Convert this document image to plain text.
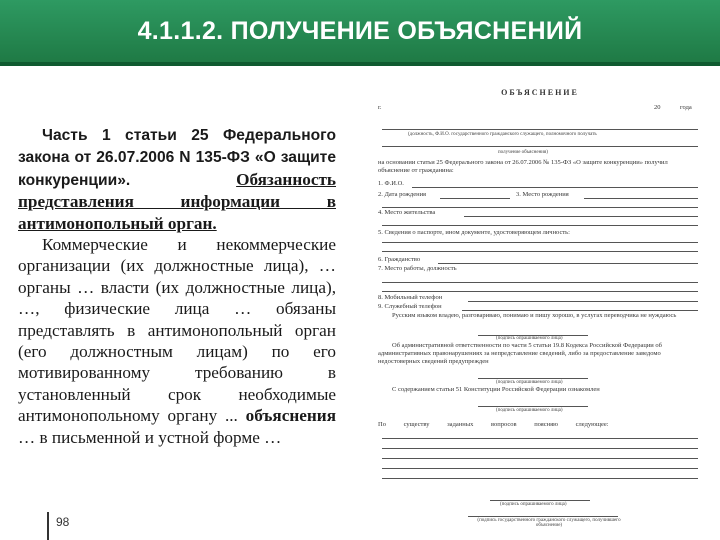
4.1.1.2. ПОЛУЧЕНИЕ ОБЪЯСНЕНИЙ
Часть 1 статьи 25 Федерального закона от 26.07.2006 N 135-ФЗ «О защите конкуренции».	Обязанность представления информации в антимонопольный орган.
Коммерческие и некоммерческие организации (их должностные лица), … органы … власти (их должностные лица), …, физические лица … обязаны представлять в антимонопольный орган (его должностным лицам) по его мотивированному требованию в установленный срок необходимые антимонопольному органу ... объяснения … в письменной и устной форме …
98
ОБЪЯСНЕНИЕ
г.	20	года
(должность, Ф.И.О. государственного гражданского служащего, полномочного получать
получение объяснения)
на основании статьи 25 Федерального закона от 26.07.2006 № 135-ФЗ «О защите конкуренции» получил объяснение от гражданина:
1. Ф.И.О.
2. Дата рождения	3. Место рождения
4. Место жительства
5. Сведения о паспорте, ином документе, удостоверяющем личность:
6. Гражданство
7. Место работы, должность
8. Мобильный телефон
9. Служебный телефон
Русским языком владею, разговариваю, понимаю и пишу хорошо, в услугах переводчика не нуждаюсь
(подпись опрашиваемого лица)
Об административной ответственности по части 5 статьи 19.8 Кодекса Российской Федерации об административных правонарушениях за непредставление сведений, либо за предоставление заведомо недостоверных сведений предупрежден
(подпись опрашиваемого лица)
С содержанием статьи 51 Конституции Российской Федерации ознакомлен
(подпись опрашиваемого лица)
По существу заданных вопросов поясняю следующее:
(подпись опрашиваемого лица)
(подпись государственного гражданского служащего, получившего объяснение)
